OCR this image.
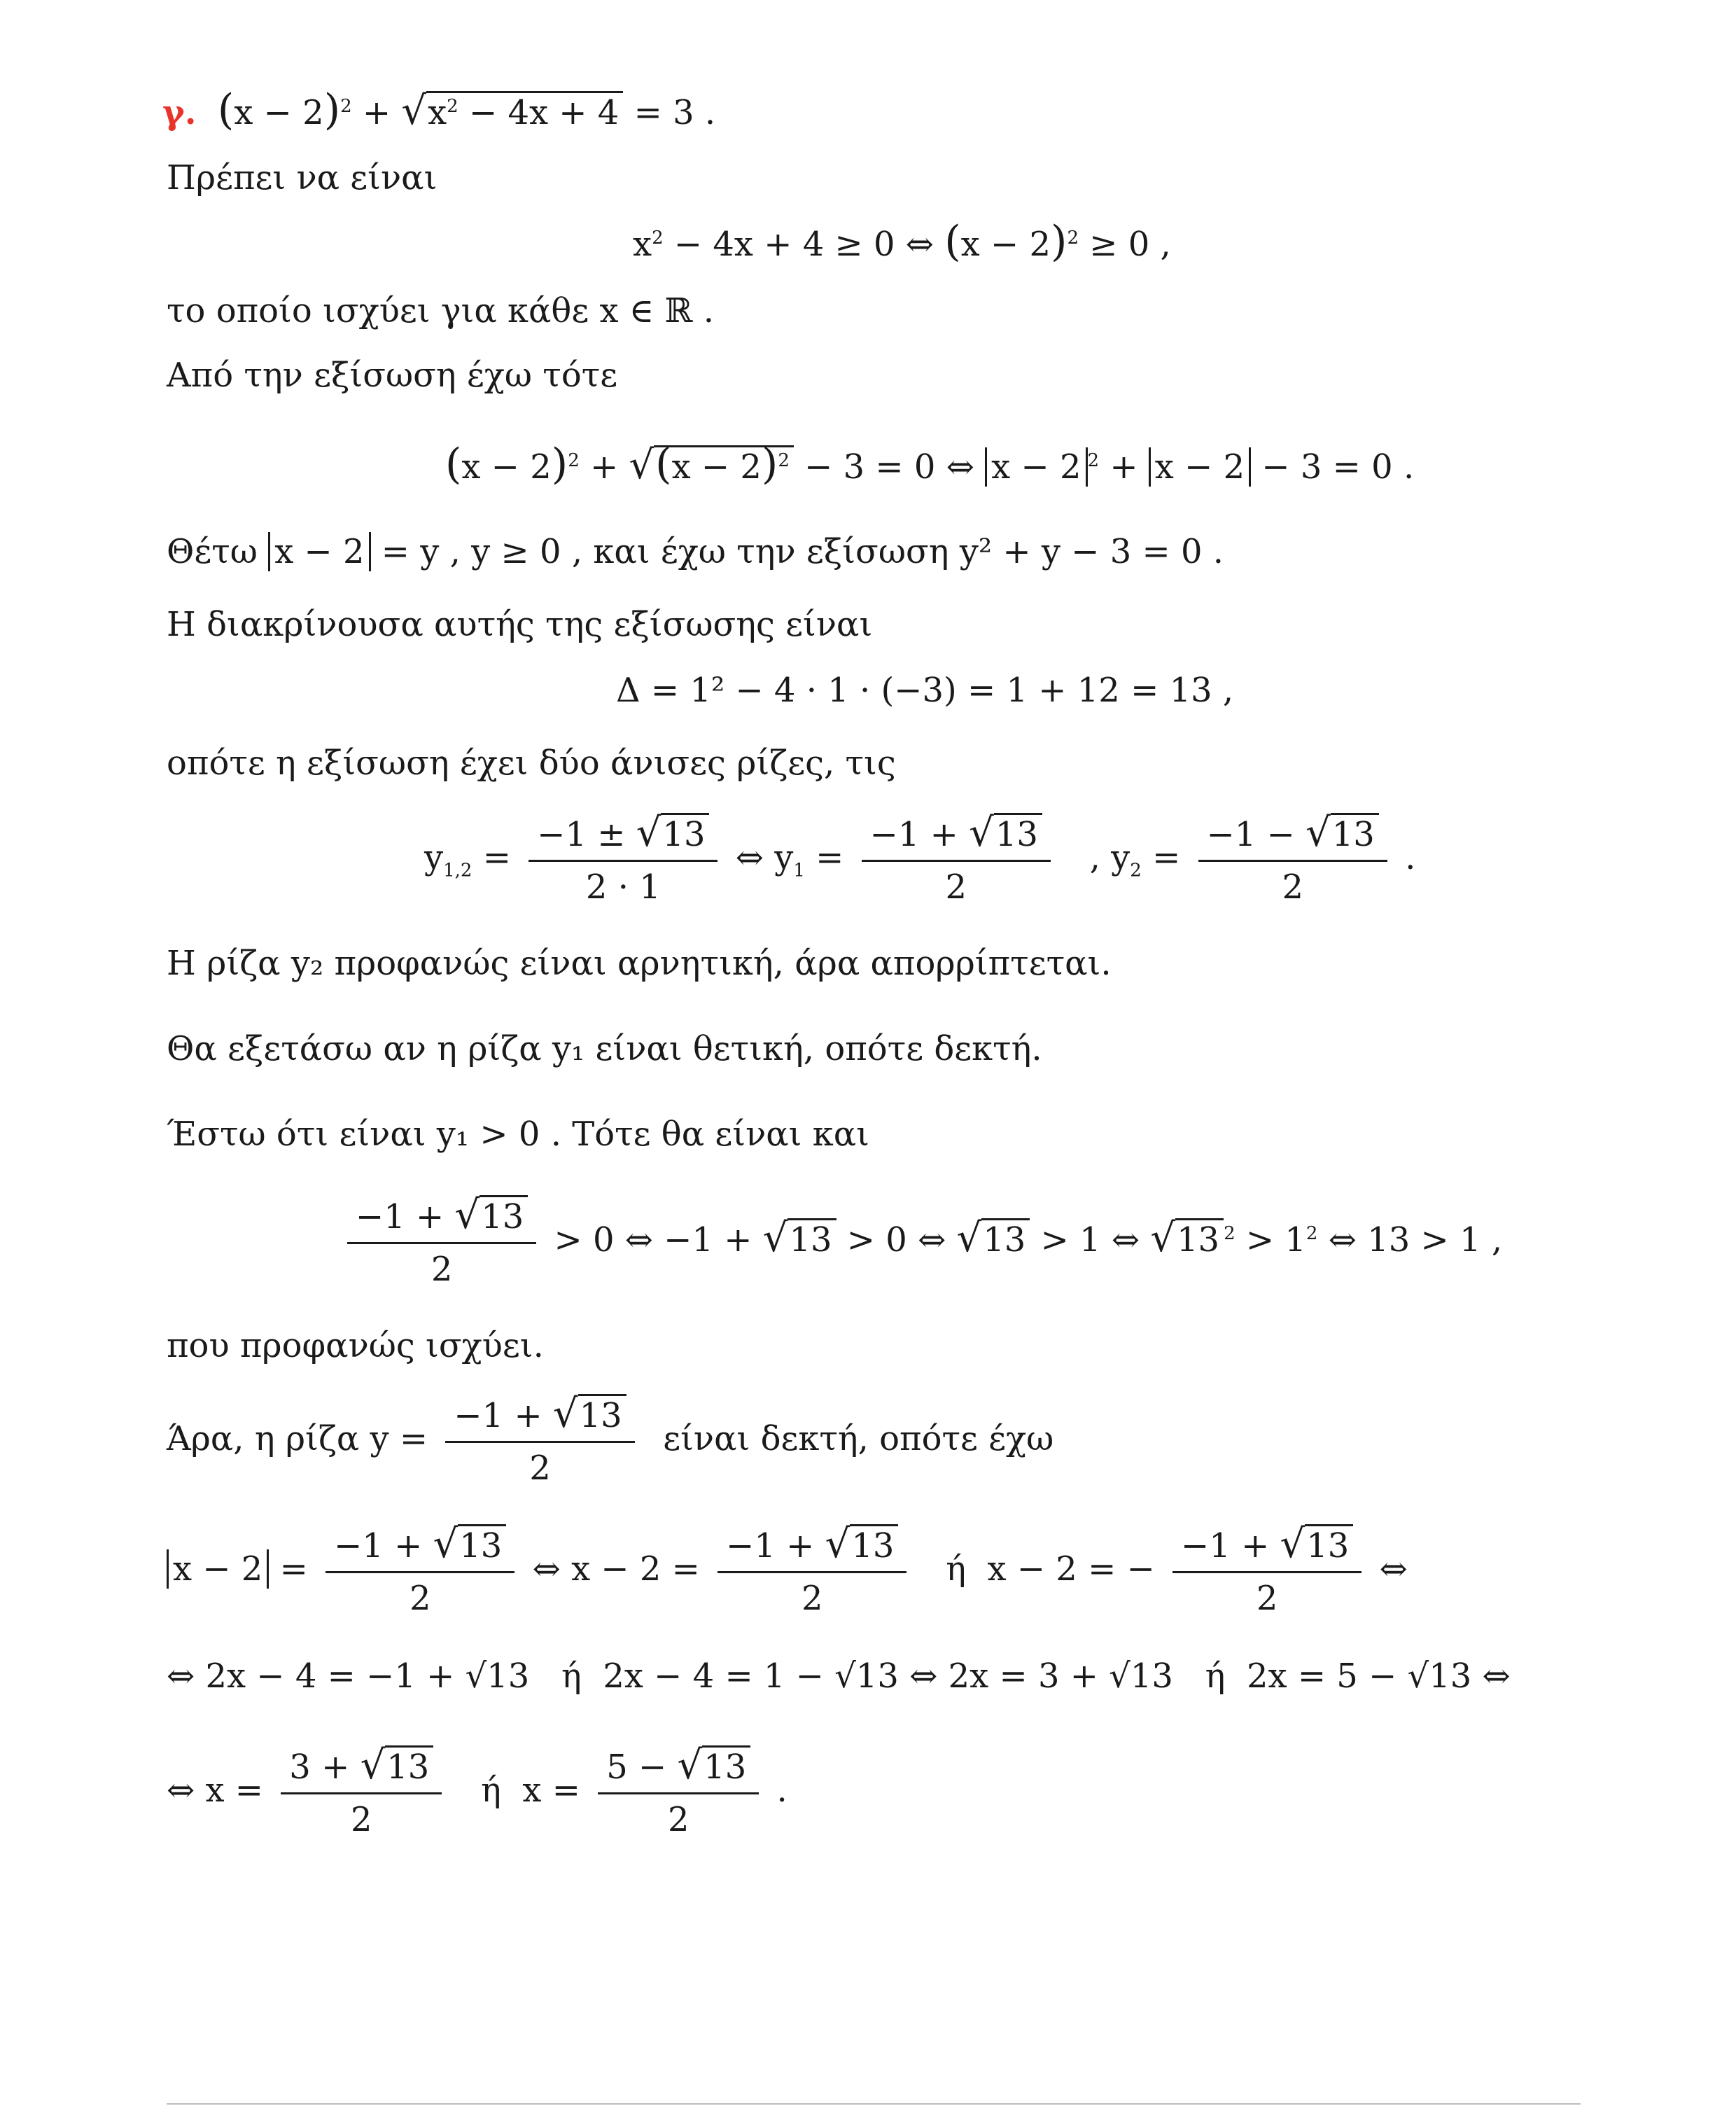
γ. $(x - 2)^2 + √x^2 - 4x + 4 = 3$ .
Πρέπει να είναι
$x^2 - 4x + 4 \ge 0$ ⇔ $(x - 2)^2 \ge 0$ ,
το οποίο ισχύει για κάθε x ∈ ℝ .
Από την εξίσωση έχω τότε
$(x - 2)^2 + √(x - 2)^2 - 3 = 0$ ⇔ x − 2 $^2$ + x − 2 − 3 = 0 .
Θέτω x − 2 = y , y ≥ 0 , και έχω την εξίσωση y² + y − 3 = 0 .
Η διακρίνουσα αυτής της εξίσωσης είναι
Δ = 1² − 4 · 1 · (−3) = 1 + 12 = 13 ,
οπότε η εξίσωση έχει δύο άνισες ρίζες, τις
$y_{1,2} = \frac{-1 \pm √13}{2 \cdot 1}$ ⇔ $y_1 = \frac{-1 + √13}{2}$ , $y_2 = \frac{-1 - √13}{2}$ .
Η ρίζα y₂ προφανώς είναι αρνητική, άρα απορρίπτεται.
Θα εξετάσω αν η ρίζα y₁ είναι θετική, οπότε δεκτή.
Έστω ότι είναι y₁ > 0 . Τότε θα είναι και
$\frac{-1 + √13}{2} > 0$ ⇔ −1 + √13 > 0 ⇔ √13 > 1 ⇔ √13 $^2 > 1^2$ ⇔ 13 > 1 ,
που προφανώς ισχύει.
Άρα, η ρίζα $y = \frac{-1 + √13}{2}$ είναι δεκτή, οπότε έχω
$x - 2 = \frac{-1 + √13}{2}$ ⇔ $x - 2 = \frac{-1 + √13}{2}$ ή  x − 2 = − $\frac{-1 + √13}{2}$ ⇔
⇔ 2x − 4 = −1 + √13 ή 2x − 4 = 1 − √13 ⇔ 2x = 3 + √13 ή 2x = 5 − √13 ⇔
⇔ $x = \frac{3 + √13}{2}$ ή  $x = \frac{5 - √13}{2}$ .
